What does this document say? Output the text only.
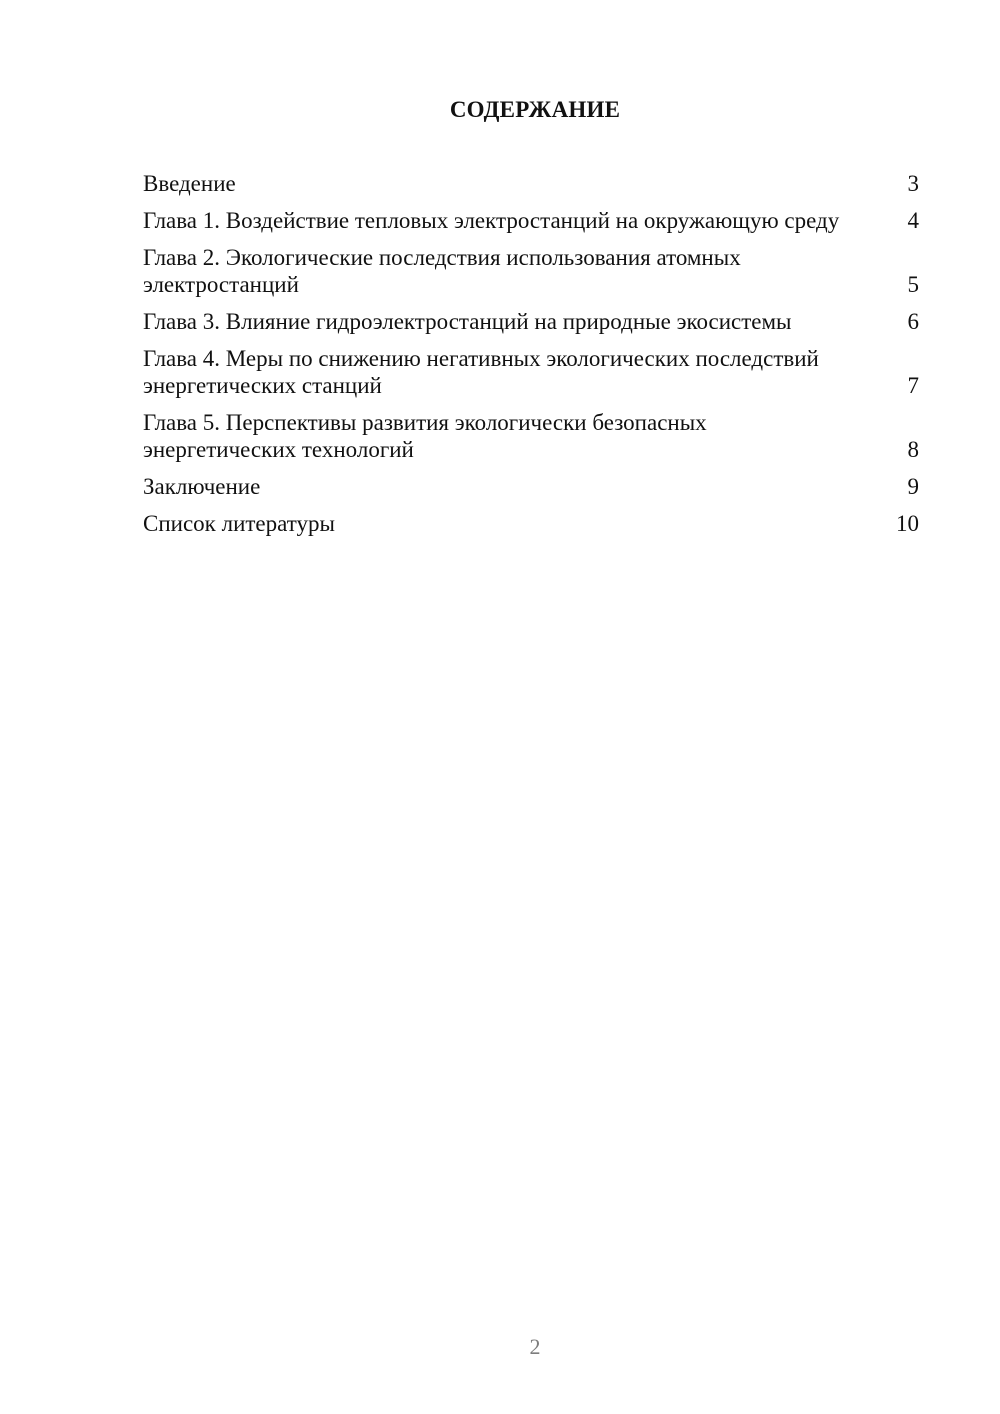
СОДЕРЖАНИЕ
Введение	3
Глава 1. Воздействие тепловых электростанций на окружающую среду	4
Глава 2. Экологические последствия использования атомных электростанций	5
Глава 3. Влияние гидроэлектростанций на природные экосистемы	6
Глава 4. Меры по снижению негативных экологических последствий энергетических станций	7
Глава 5. Перспективы развития экологически безопасных энергетических технологий	8
Заключение	9
Список литературы	10
2
